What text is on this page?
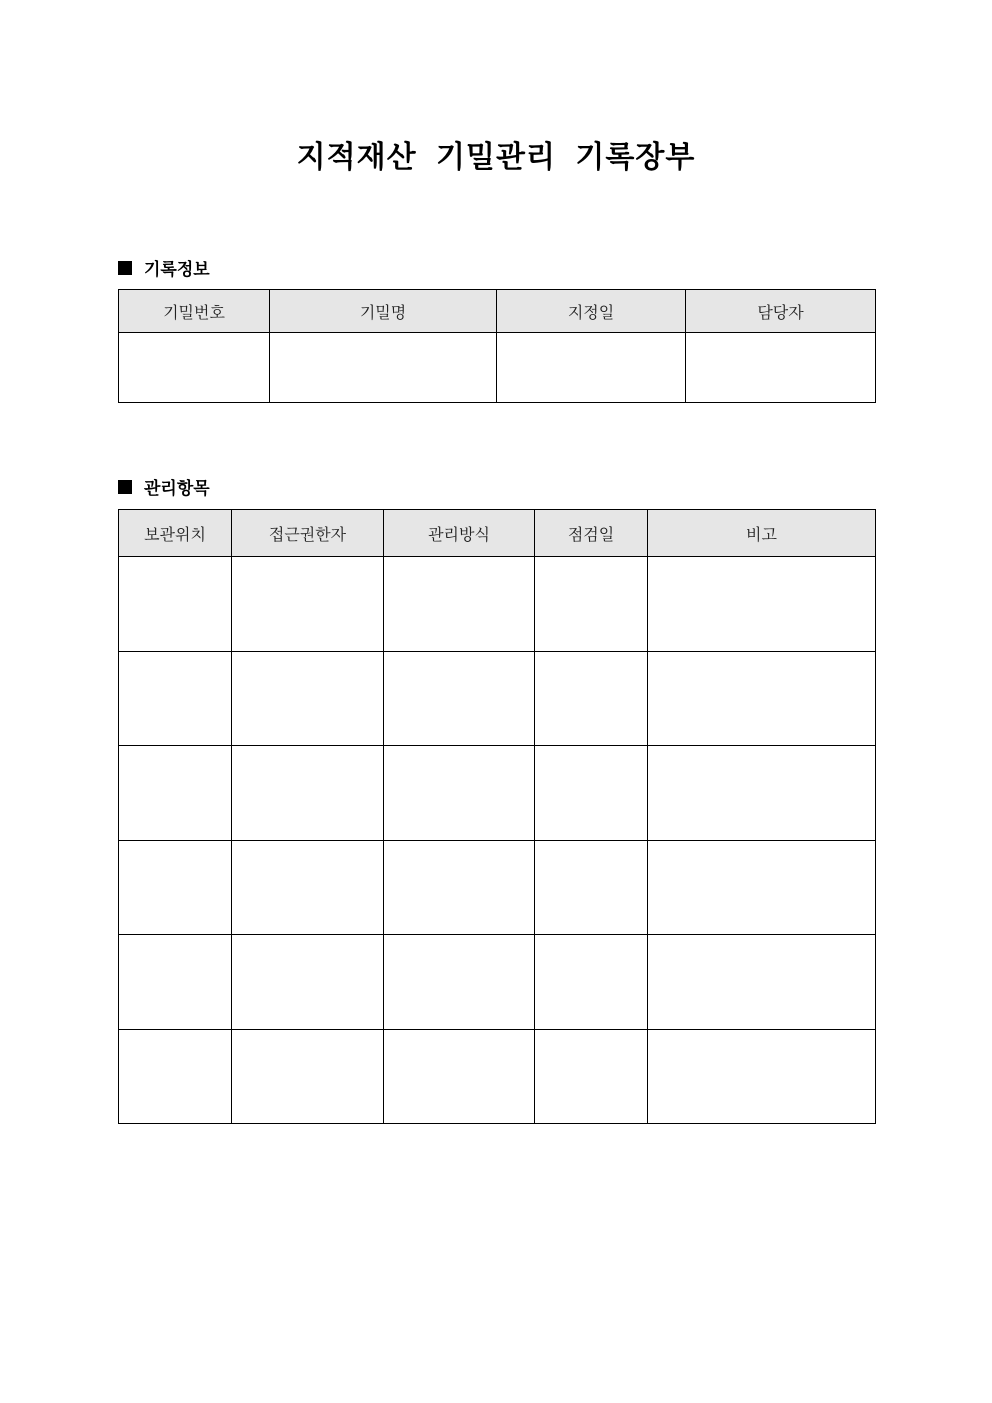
지적재산 기밀관리 기록장부
기록정보
기밀번호	기밀명	지정일	담당자

관리항목
보관위치	접근권한자	관리방식	점검일	비고
